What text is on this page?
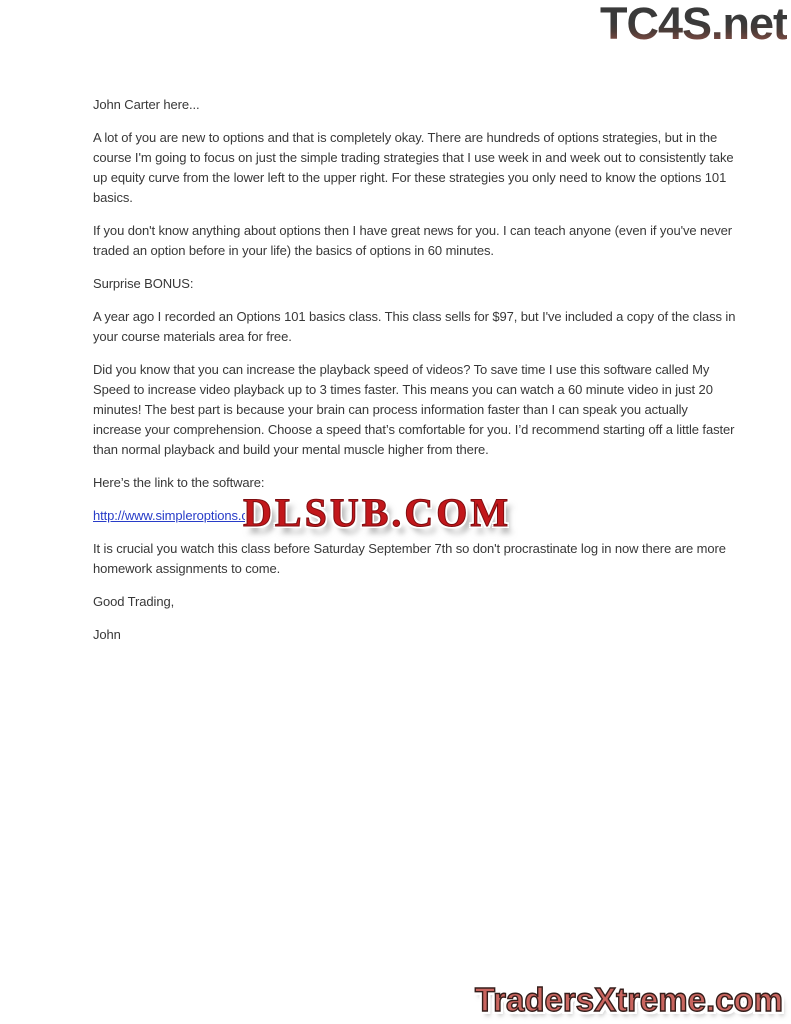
TC4S.net

John Carter here...

A lot of you are new to options and that is completely okay. There are hundreds of options strategies, but in the course I'm going to focus on just the simple trading strategies that I use week in and week out to consistently take up equity curve from the lower left to the upper right. For these strategies you only need to know the options 101 basics.

If you don't know anything about options then I have great news for you. I can teach anyone (even if you've never traded an option before in your life) the basics of options in 60 minutes.

Surprise BONUS:

A year ago I recorded an Options 101 basics class. This class sells for $97, but I've included a copy of the class in your course materials area for free.

Did you know that you can increase the playback speed of videos? To save time I use this software called My Speed to increase video playback up to 3 times faster. This means you can watch a 60 minute video in just 20 minutes! The best part is because your brain can process information faster than I can speak you actually increase your comprehension. Choose a speed that’s comfortable for you. I’d recommend starting off a little faster than normal playback and build your mental muscle higher from there.

Here’s the link to the software:

http://www.simpleroptions.c
DLSUB.COM

It is crucial you watch this class before Saturday September 7th so don't procrastinate log in now there are more homework assignments to come.

Good Trading,

John

TradersXtreme.com
